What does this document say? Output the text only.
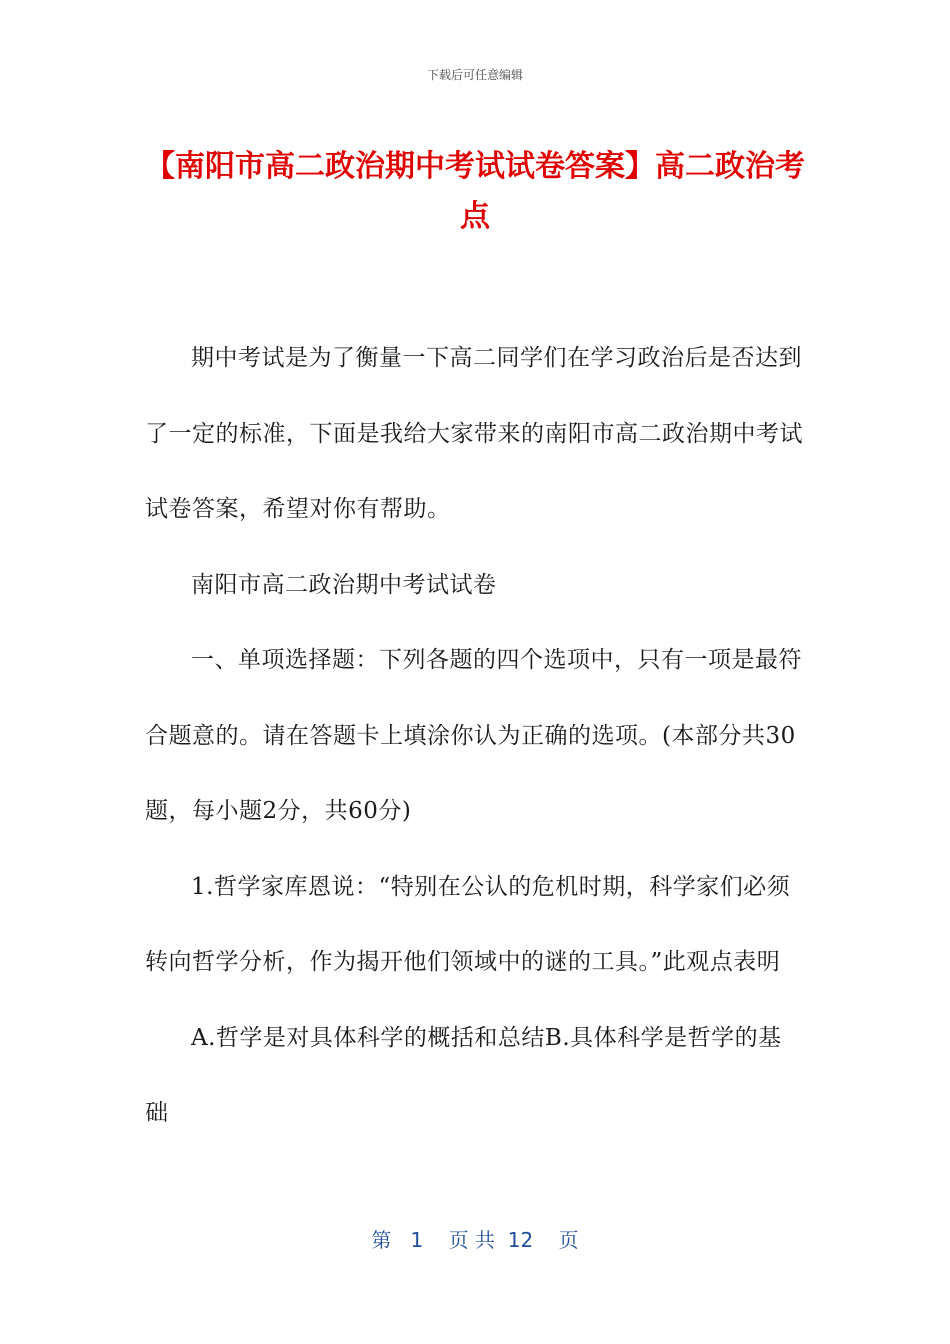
下载后可任意编辑
【南阳市高二政治期中考试试卷答案】高二政治考点

期中考试是为了衡量一下高二同学们在学习政治后是否达到了一定的标准，下面是我给大家带来的南阳市高二政治期中考试试卷答案，希望对你有帮助。

南阳市高二政治期中考试试卷

一、单项选择题：下列各题的四个选项中，只有一项是最符合题意的。请在答题卡上填涂你认为正确的选项。(本部分共30题，每小题2分，共60分)

1.哲学家库恩说：“特别在公认的危机时期，科学家们必须转向哲学分析，作为揭开他们领域中的谜的工具。”此观点表明

A.哲学是对具体科学的概括和总结B.具体科学是哲学的基础

第 1 页 共 12 页
